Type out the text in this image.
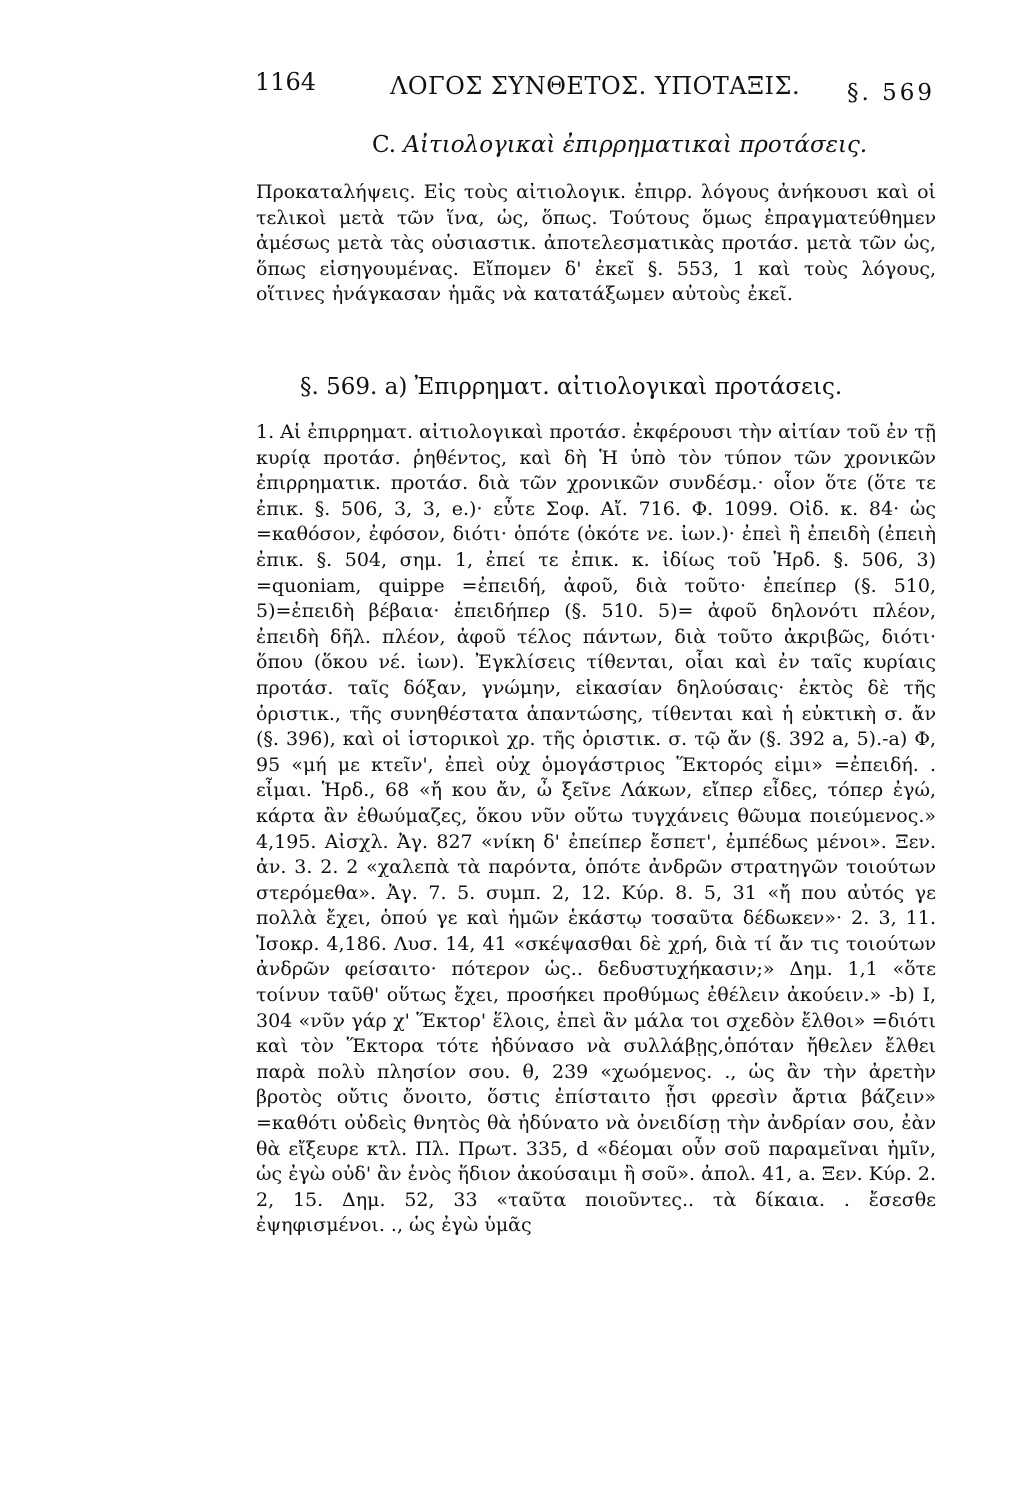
1164	ΛΟΓΟΣ ΣΥΝΘΕΤΟΣ. ΥΠΟΤΑΞΙΣ. §. 569
C. Αἰτιολογικαὶ ἐπιρρηματικαὶ προτάσεις.

Προκαταλήψεις. Εἰς τοὺς αἰτιολογικ. ἐπιρρ. λόγους ἀνήκουσι καὶ οἱ τελικοὶ μετὰ τῶν ἵνα, ὡς, ὅπως. Τούτους ὅμως ἐπραγματεύθημεν ἀμέσως μετὰ τὰς οὐσιαστικ. ἀποτελεσματικὰς προτάσ. μετὰ τῶν ὡς, ὅπως εἰσηγουμένας. Εἴπομεν δ' ἐκεῖ §. 553, 1 καὶ τοὺς λόγους, οἵτινες ἠνάγκασαν ἡμᾶς νὰ κατατάξωμεν αὐτοὺς ἐκεῖ.

§. 569. a) Ἐπιρρηματ. αἰτιολογικαὶ προτάσεις.

1. Αἱ ἐπιρρηματ. αἰτιολογικαὶ προτάσ. ἐκφέρουσι τὴν αἰτίαν τοῦ ἐν τῇ κυρίᾳ προτάσ. ῥηθέντος, καὶ δὴ Ἡ ὑπὸ τὸν τύπον τῶν χρονικῶν ἐπιρρηματικ. προτάσ. διὰ τῶν χρονικῶν συνδέσμ.· οἷον ὅτε (ὅτε τε ἐπικ. §. 506, 3, 3, e.)· εὖτε Σοφ. Αἴ. 716. Φ. 1099. Οἰδ. κ. 84· ὡς =καθόσον, ἐφόσον, διότι· ὁπότε (ὁκότε νε. ἰων.)· ἐπεὶ ἢ ἐπειδὴ (ἐπειὴ ἐπικ. §. 504, σημ. 1, ἐπεί τε ἐπικ. κ. ἰδίως τοῦ Ἡρδ. §. 506, 3) =quoniam, quippe =ἐπειδή, ἀφοῦ, διὰ τοῦτο· ἐπείπερ (§. 510, 5)=ἐπειδὴ βέβαια· ἐπειδήπερ (§. 510. 5)= ἀφοῦ δηλονότι πλέον, ἐπειδὴ δῆλ. πλέον, ἀφοῦ τέλος πάντων, διὰ τοῦτο ἀκριβῶς, διότι· ὅπου (ὅκου νέ. ἰων). Ἐγκλίσεις τίθενται, οἷαι καὶ ἐν ταῖς κυρίαις προτάσ. ταῖς δόξαν, γνώμην, εἰκασίαν δηλούσαις· ἐκτὸς δὲ τῆς ὁριστικ., τῆς συνηθέστατα ἁπαντώσης, τίθενται καὶ ἡ εὐκτικὴ σ. ἄν (§. 396), καὶ οἱ ἱστορικοὶ χρ. τῆς ὁριστικ. σ. τῷ ἄν (§. 392 a, 5).-a) Φ, 95 «μή με κτεῖν', ἐπεὶ οὐχ ὁμογάστριος Ἕκτορός εἰμι» =ἐπειδή. . εἶμαι. Ἡρδ., 68 «ἤ κου ἄν, ὦ ξεῖνε Λάκων, εἴπερ εἶδες, τόπερ ἐγώ, κάρτα ἂν ἐθωύμαζες, ὅκου νῦν οὕτω τυγχάνεις θῶυμα ποιεύμενος.» 4,195. Αἰσχλ. Ἀγ. 827 «νίκη δ' ἐπείπερ ἔσπετ', ἐμπέδως μένοι». Ξεν. ἀν. 3. 2. 2 «χαλεπὰ τὰ παρόντα, ὁπότε ἀνδρῶν στρατηγῶν τοιούτων στερόμεθα». Ἀγ. 7. 5. συμπ. 2, 12. Κύρ. 8. 5, 31 «ἤ που αὐτός γε πολλὰ ἔχει, ὁπού γε καὶ ἡμῶν ἑκάστῳ τοσαῦτα δέδωκεν»· 2. 3, 11. Ἰσοκρ. 4,186. Λυσ. 14, 41 «σκέψασθαι δὲ χρή, διὰ τί ἄν τις τοιούτων ἀνδρῶν φείσαιτο· πότερον ὡς.. δεδυστυχήκασιν;» Δημ. 1,1 «ὅτε τοίνυν ταῦθ' οὕτως ἔχει, προσήκει προθύμως ἐθέλειν ἀκούειν.» -b) I, 304 «νῦν γάρ χ' Ἕκτορ' ἕλοις, ἐπεὶ ἂν μάλα τοι σχεδὸν ἔλθοι» =διότι καὶ τὸν Ἕκτορα τότε ἠδύνασο νὰ συλλάβῃς,ὁπόταν ἤθελεν ἔλθει παρὰ πολὺ πλησίον σου. θ, 239 «χωόμενος. ., ὡς ἂν τὴν ἀρετὴν βροτὸς οὔτις ὄνοιτο, ὅστις ἐπίσταιτο ᾗσι φρεσὶν ἄρτια βάζειν» =καθότι οὐδεὶς θνητὸς θὰ ἠδύνατο νὰ ὀνειδίσῃ τὴν ἀνδρίαν σου, ἐὰν θὰ εἴξευρε κτλ. Πλ. Πρωτ. 335, d «δέομαι οὖν σοῦ παραμεῖναι ἡμῖν, ὡς ἐγὼ οὐδ' ἂν ἑνὸς ἥδιον ἀκούσαιμι ἢ σοῦ». ἀπολ. 41, a. Ξεν. Κύρ. 2. 2, 15. Δημ. 52, 33 «ταῦτα ποιοῦντες.. τὰ δίκαια. . ἔσεσθε ἐψηφισμένοι. ., ὡς ἐγὼ ὑμᾶς
